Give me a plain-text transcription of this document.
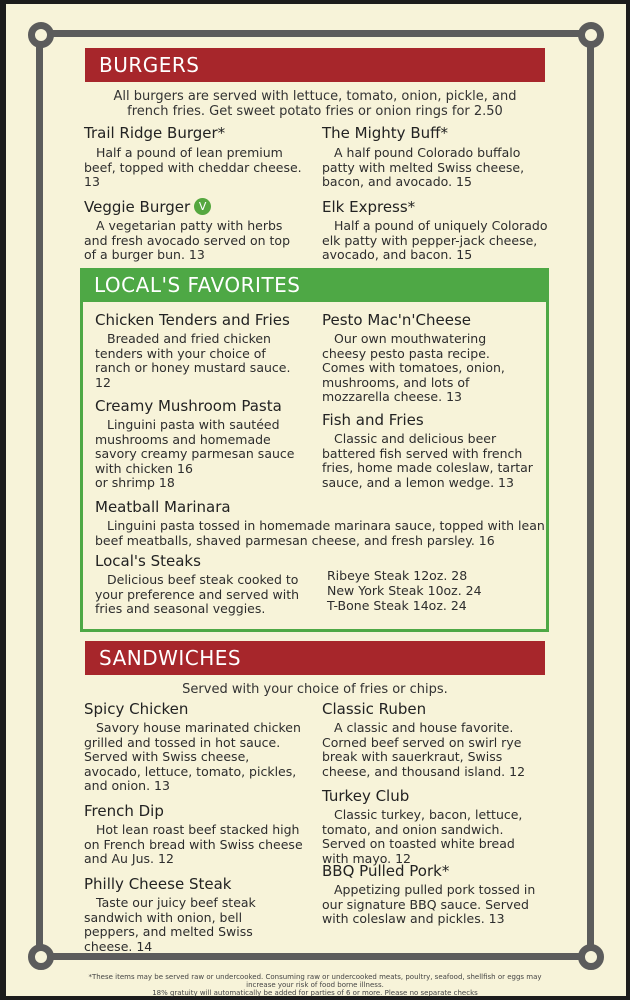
BURGERS
All burgers are served with lettuce, tomato, onion, pickle, and
french fries. Get sweet potato fries or onion rings for 2.50
Trail Ridge Burger*
Half a pound of lean premium beef, topped with cheddar cheese. 13
The Mighty Buff*
A half pound Colorado buffalo patty with melted Swiss cheese, bacon, and avocado. 15
Veggie Burger V
A vegetarian patty with herbs and fresh avocado served on top of a burger bun. 13
Elk Express*
Half a pound of uniquely Colorado elk patty with pepper-jack cheese, avocado, and bacon. 15
LOCAL'S FAVORITES
Chicken Tenders and Fries
Breaded and fried chicken tenders with your choice of ranch or honey mustard sauce. 12
Pesto Mac'n'Cheese
Our own mouthwatering cheesy pesto pasta recipe. Comes with tomatoes, onion, mushrooms, and lots of mozzarella cheese. 13
Creamy Mushroom Pasta
Linguini pasta with sautéed mushrooms and homemade savory creamy parmesan sauce with chicken 16
or shrimp 18
Fish and Fries
Classic and delicious beer battered fish served with french fries, home made coleslaw, tartar sauce, and a lemon wedge. 13
Meatball Marinara
Linguini pasta tossed in homemade marinara sauce, topped with lean beef meatballs, shaved parmesan cheese, and fresh parsley. 16
Local's Steaks
Delicious beef steak cooked to your preference and served with fries and seasonal veggies.
Ribeye Steak 12oz. 28
New York Steak 10oz. 24
T-Bone Steak 14oz. 24
SANDWICHES
Served with your choice of fries or chips.
Spicy Chicken
Savory house marinated chicken grilled and tossed in hot sauce. Served with Swiss cheese, avocado, lettuce, tomato, pickles, and onion. 13
Classic Ruben
A classic and house favorite. Corned beef served on swirl rye break with sauerkraut, Swiss cheese, and thousand island. 12
French Dip
Hot lean roast beef stacked high on French bread with Swiss cheese and Au Jus. 12
Turkey Club
Classic turkey, bacon, lettuce, tomato, and onion sandwich. Served on toasted white bread with mayo. 12
Philly Cheese Steak
Taste our juicy beef steak sandwich with onion, bell peppers, and melted Swiss cheese. 14
BBQ Pulled Pork*
Appetizing pulled pork tossed in our signature BBQ sauce. Served with coleslaw and pickles. 13
*These items may be served raw or undercooked. Consuming raw or undercooked meats, poultry, seafood, shellfish or eggs may increase your risk of food borne illness.
18% gratuity will automatically be added for parties of 6 or more. Please no separate checks
